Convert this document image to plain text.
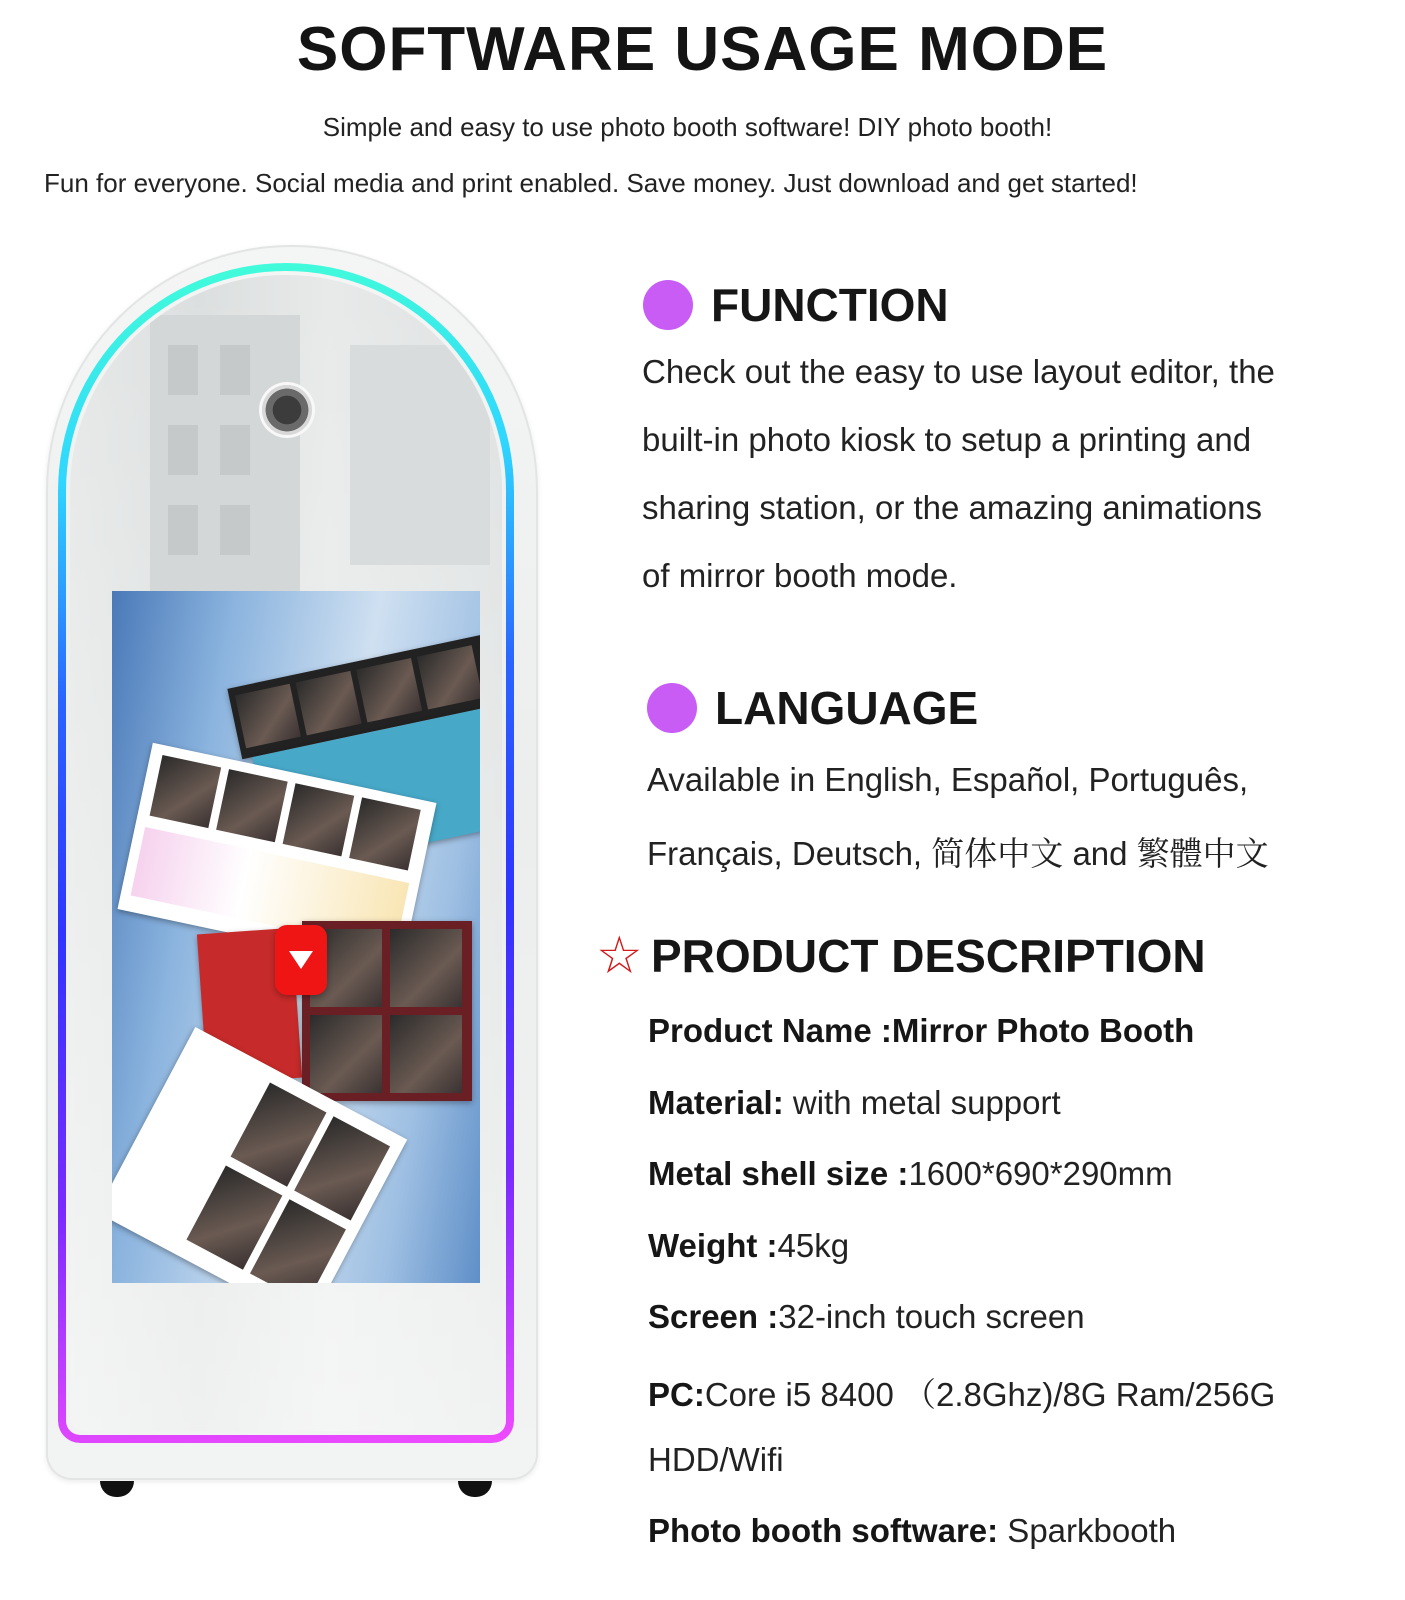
SOFTWARE USAGE MODE
Simple and easy to use photo booth software! DIY photo booth!
Fun for everyone. Social media and print enabled. Save money. Just download and get started!
FUNCTION
Check out the easy to use layout editor, the
built-in photo kiosk to setup a printing and
sharing station, or the amazing animations
of mirror booth mode.
LANGUAGE
Available in English, Español, Português,
Français, Deutsch, 简体中文 and 繁體中文
☆ PRODUCT DESCRIPTION
Product Name :Mirror Photo Booth
Material: with metal support
Metal shell size :1600*690*290mm
Weight :45kg
Screen :32-inch touch screen
PC:Core i5 8400 （2.8Ghz)/8G Ram/256G
HDD/Wifi
Photo booth software: Sparkbooth
